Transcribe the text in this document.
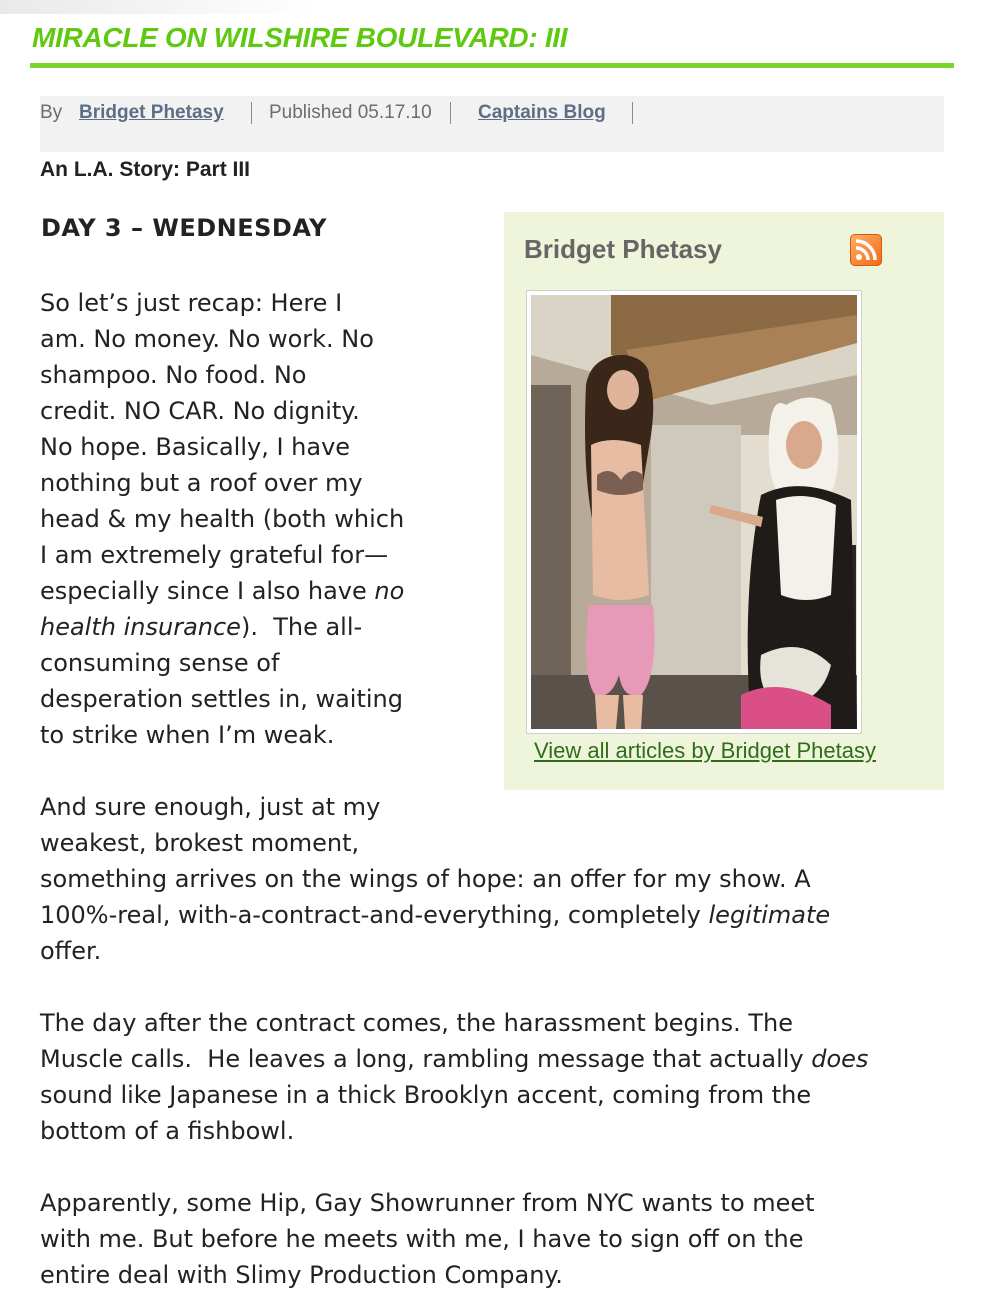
MIRACLE ON WILSHIRE BOULEVARD: III
By Bridget Phetasy Published 05.17.10 Captains Blog
An L.A. Story: Part III
DAY 3 – WEDNESDAY
So let’s just recap: Here I
am. No money. No work. No
shampoo. No food. No
credit. NO CAR. No dignity.
No hope. Basically, I have
nothing but a roof over my
head & my health (both which
I am extremely grateful for—
especially since I also have no
health insurance).  The all-
consuming sense of
desperation settles in, waiting
to strike when I’m weak.
And sure enough, just at my
weakest, brokest moment,
something arrives on the wings of hope: an offer for my show. A
100%-real, with-a-contract-and-everything, completely legitimate
offer.
The day after the contract comes, the harassment begins. The
Muscle calls.  He leaves a long, rambling message that actually does
sound like Japanese in a thick Brooklyn accent, coming from the
bottom of a fishbowl.
Apparently, some Hip, Gay Showrunner from NYC wants to meet
with me. But before he meets with me, I have to sign off on the
entire deal with Slimy Production Company.
Bridget Phetasy
View all articles by Bridget Phetasy
